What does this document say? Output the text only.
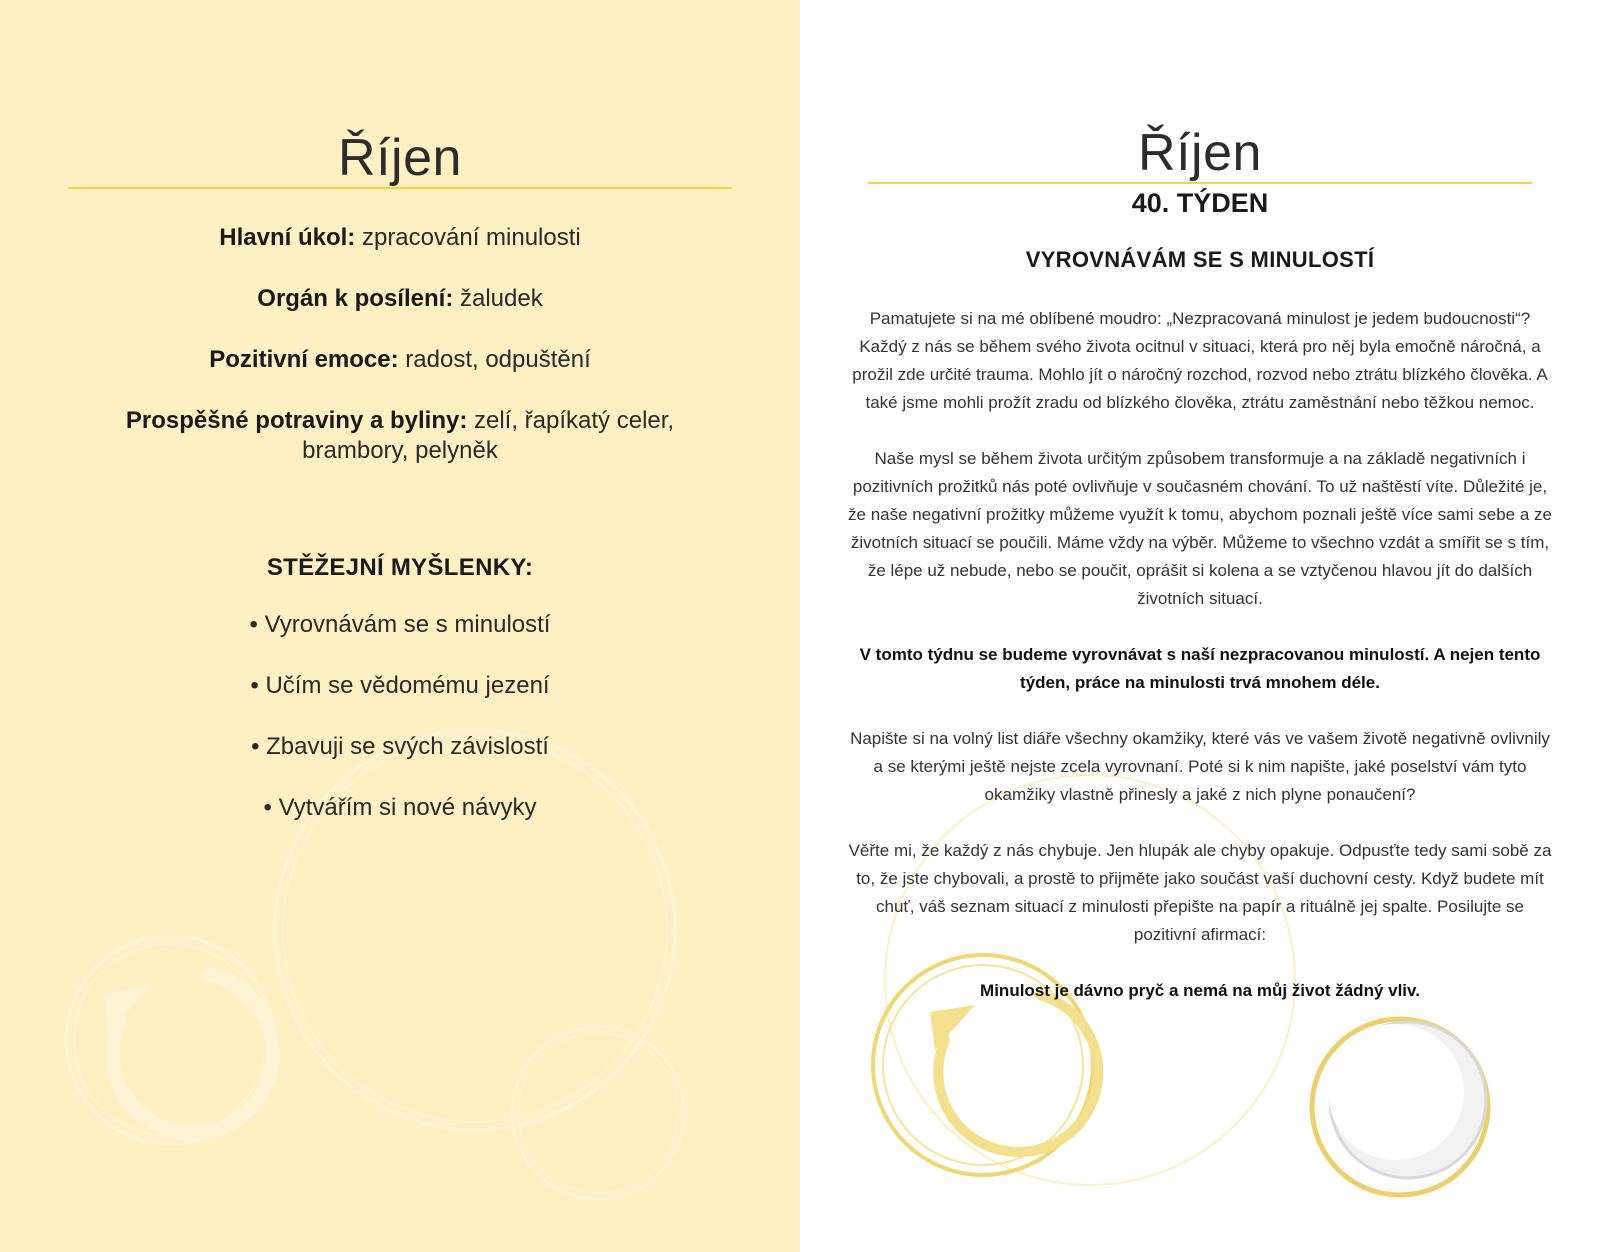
Říjen

Hlavní úkol: zpracování minulosti

Orgán k posílení: žaludek

Pozitivní emoce: radost, odpuštění

Prospěšné potraviny a byliny: zelí, řapíkatý celer, brambory, pelyněk

STĚŽEJNÍ MYŠLENKY:

• Vyrovnávám se s minulostí

• Učím se vědomému jezení

• Zbavuji se svých závislostí

• Vytvářím si nové návyky

Říjen

40. TÝDEN

VYROVNÁVÁM SE S MINULOSTÍ

Pamatujete si na mé oblíbené moudro: „Nezpracovaná minulost je jedem budoucnosti“? Každý z nás se během svého života ocitnul v situaci, která pro něj byla emočně náročná, a prožil zde určité trauma. Mohlo jít o náročný rozchod, rozvod nebo ztrátu blízkého člověka. A také jsme mohli prožít zradu od blízkého člověka, ztrátu zaměstnání nebo těžkou nemoc.

Naše mysl se během života určitým způsobem transformuje a na základě negativních i pozitivních prožitků nás poté ovlivňuje v současném chování. To už naštěstí víte. Důležité je, že naše negativní prožitky můžeme využít k tomu, abychom poznali ještě více sami sebe a ze životních situací se poučili. Máme vždy na výběr. Můžeme to všechno vzdát a smířit se s tím, že lépe už nebude, nebo se poučit, oprášit si kolena a se vztyčenou hlavou jít do dalších životních situací.

V tomto týdnu se budeme vyrovnávat s naší nezpracovanou minulostí. A nejen tento týden, práce na minulosti trvá mnohem déle.

Napište si na volný list diáře všechny okamžiky, které vás ve vašem životě negativně ovlivnily a se kterými ještě nejste zcela vyrovnaní. Poté si k nim napište, jaké poselství vám tyto okamžiky vlastně přinesly a jaké z nich plyne ponaučení?

Věřte mi, že každý z nás chybuje. Jen hlupák ale chyby opakuje. Odpusťte tedy sami sobě za to, že jste chybovali, a prostě to přijměte jako součást vaší duchovní cesty. Když budete mít chuť, váš seznam situací z minulosti přepište na papír a rituálně jej spalte. Posilujte se pozitivní afirmací:

Minulost je dávno pryč a nemá na můj život žádný vliv.
